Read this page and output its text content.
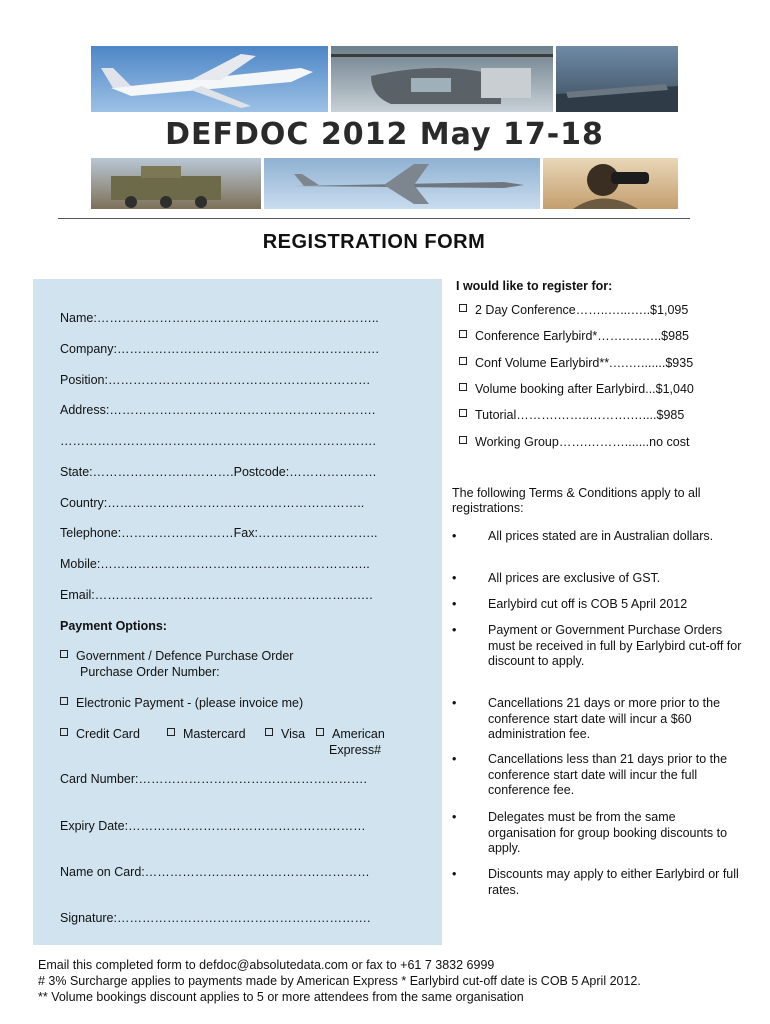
DEFDOC 2012 May 17-18
REGISTRATION FORM
Name:…………………………………………………………..
Company:………………………………………………………
Position:………………………………………………………
Address:……………………………………………………….
………………………………………………………………….
State:…………………………….Postcode:…………………
Country:……………………………………………………..
Telephone:………………………Fax:………………………..
Mobile:………………………………………………………..
Email:……………………………………………………….…
Payment Options:
Government / Defence Purchase Order
Purchase Order Number:
Electronic Payment - (please invoice me)
Credit Card	Mastercard	Visa	American
Express#
Card Number:……………………………………………….
Expiry Date:…………………………………………………
Name on Card:………………………………………………
Signature:…………………………………………………….
I would like to register for:
2 Day Conference……..…...…..$1,095
Conference Earlybird*…….….…..$985
Conf Volume Earlybird**.….….......$935
Volume booking after Earlybird...$1,040
Tutorial……….……..……….…....$985
Working Group…….……….......no cost
The following Terms & Conditions apply to all registrations:
•	All prices stated are in Australian dollars.
•	All prices are exclusive of GST.
•	Earlybird cut off is COB 5 April 2012
•	Payment or Government Purchase Orders must be received in full by Earlybird cut-off for discount to apply.
•	Cancellations 21 days or more prior to the conference start date will incur a $60 administration fee.
•	Cancellations less than 21 days prior to the conference start date will incur the full conference fee.
•	Delegates must be from the same organisation for group booking discounts to apply.
•	Discounts may apply to either Earlybird or full rates.
Email this completed form to defdoc@absolutedata.com or fax to +61 7 3832 6999
# 3% Surcharge applies to payments made by American Express * Earlybird cut-off date is COB 5 April 2012.
** Volume bookings discount applies to 5 or more attendees from the same organisation
